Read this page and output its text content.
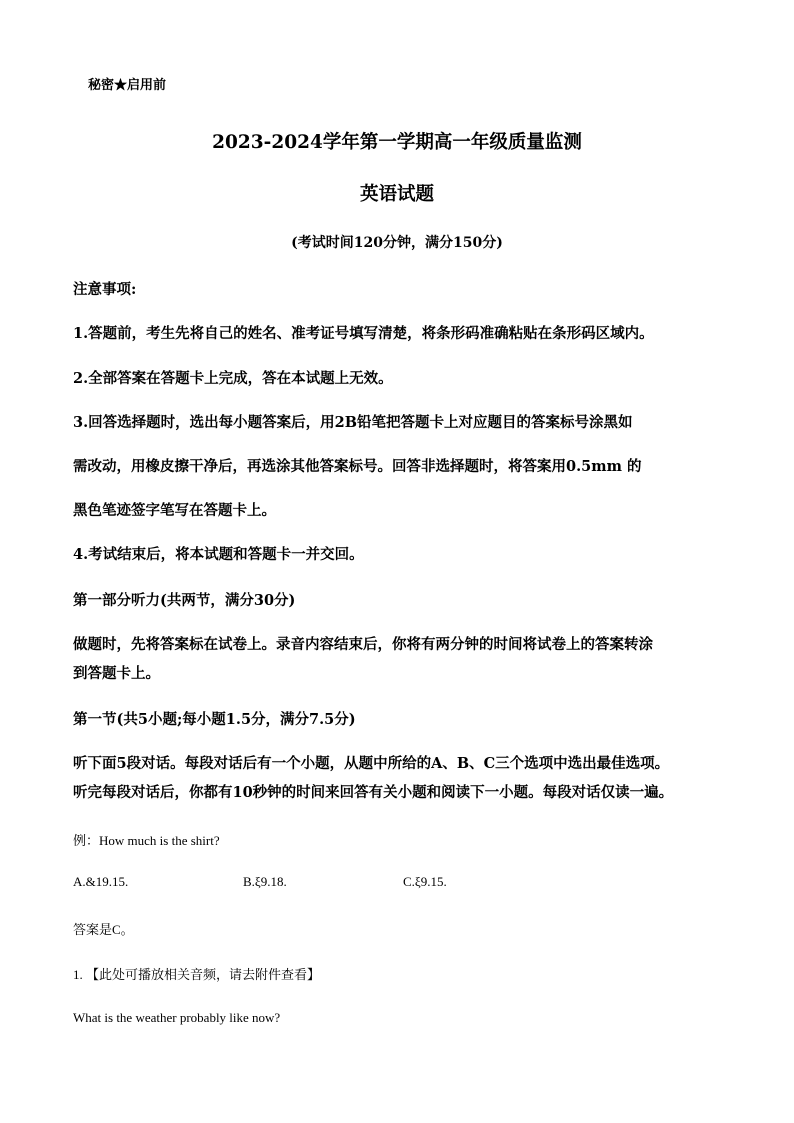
秘密★启用前
2023-2024学年第一学期高一年级质量监测
英语试题
(考试时间120分钟，满分150分)
注意事项:
1.答题前，考生先将自己的姓名、准考证号填写清楚，将条形码准确粘贴在条形码区域内。
2.全部答案在答题卡上完成，答在本试题上无效。
3.回答选择题时，选出每小题答案后，用2B铅笔把答题卡上对应题目的答案标号涂黑如
需改动，用橡皮擦干净后，再选涂其他答案标号。回答非选择题时，将答案用0.5mm 的
黑色笔迹签字笔写在答题卡上。
4.考试结束后，将本试题和答题卡一并交回。
第一部分听力(共两节，满分30分)
做题时，先将答案标在试卷上。录音内容结束后，你将有两分钟的时间将试卷上的答案转涂
到答题卡上。
第一节(共5小题;每小题1.5分，满分7.5分)
听下面5段对话。每段对话后有一个小题，从题中所给的A、B、C三个选项中选出最佳选项。
听完每段对话后，你都有10秒钟的时间来回答有关小题和阅读下一小题。每段对话仅读一遍。
例：How much is the shirt?
A.&19.15.	B.ξ9.18.	C.ξ9.15.
答案是C。
1. 【此处可播放相关音频，请去附件查看】
What is the weather probably like now?
